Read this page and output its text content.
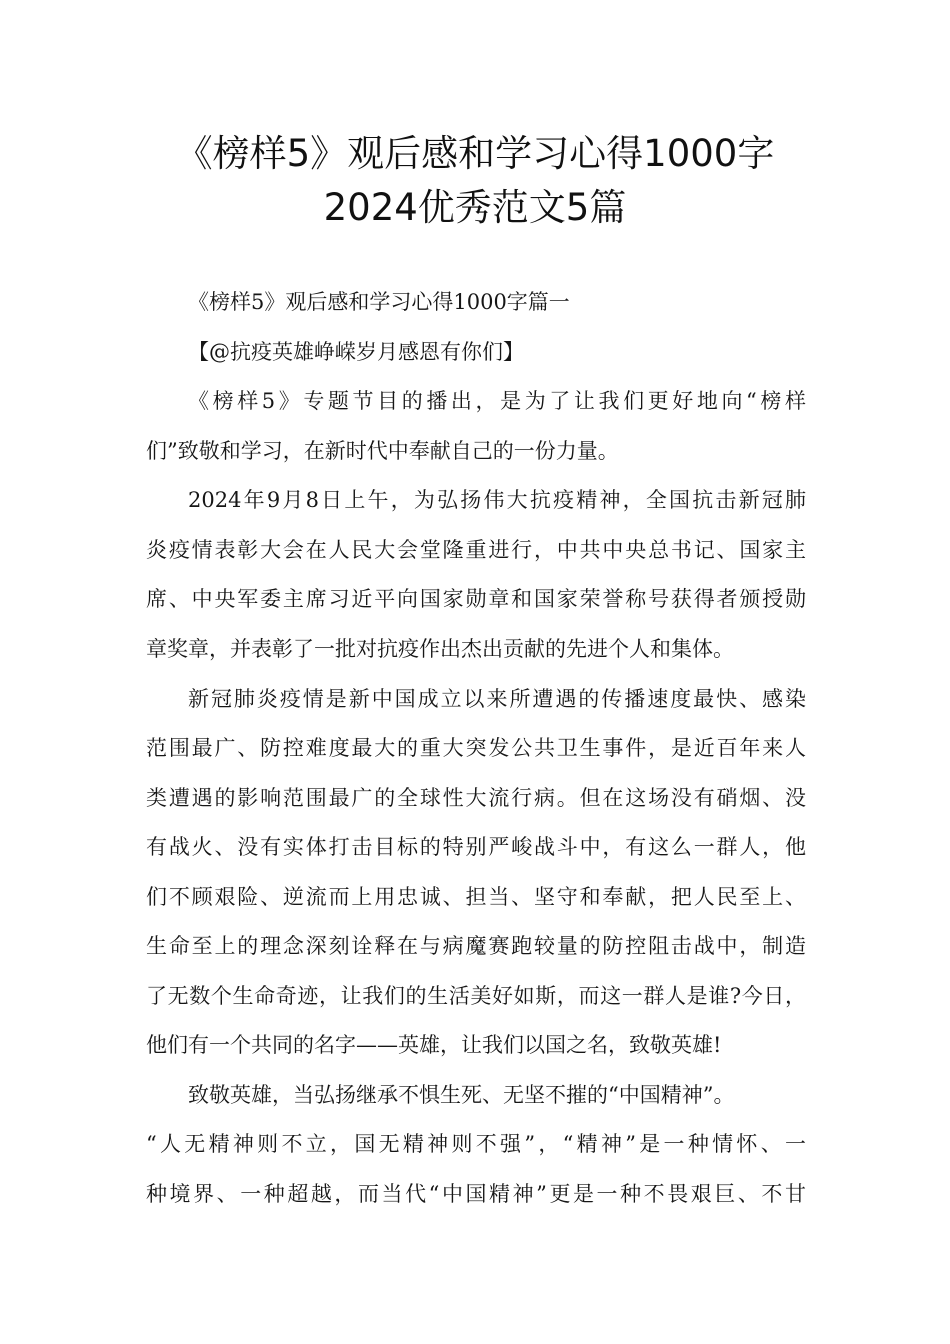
《榜样5》观后感和学习心得1000字
2024优秀范文5篇
《榜样5》观后感和学习心得1000字篇一
【@抗疫英雄峥嵘岁月感恩有你们】
《榜样5》专题节目的播出，是为了让我们更好地向“榜样
们”致敬和学习，在新时代中奉献自己的一份力量。
2024年9月8日上午，为弘扬伟大抗疫精神，全国抗击新冠肺
炎疫情表彰大会在人民大会堂隆重进行，中共中央总书记、国家主
席、中央军委主席习近平向国家勋章和国家荣誉称号获得者颁授勋
章奖章，并表彰了一批对抗疫作出杰出贡献的先进个人和集体。
新冠肺炎疫情是新中国成立以来所遭遇的传播速度最快、感染
范围最广、防控难度最大的重大突发公共卫生事件，是近百年来人
类遭遇的影响范围最广的全球性大流行病。但在这场没有硝烟、没
有战火、没有实体打击目标的特别严峻战斗中，有这么一群人，他
们不顾艰险、逆流而上用忠诚、担当、坚守和奉献，把人民至上、
生命至上的理念深刻诠释在与病魔赛跑较量的防控阻击战中，制造
了无数个生命奇迹，让我们的生活美好如斯，而这一群人是谁?今日，
他们有一个共同的名字——英雄，让我们以国之名，致敬英雄!
致敬英雄，当弘扬继承不惧生死、无坚不摧的“中国精神”。
“人无精神则不立，国无精神则不强”，“精神”是一种情怀、一
种境界、一种超越，而当代“中国精神”更是一种不畏艰巨、不甘
